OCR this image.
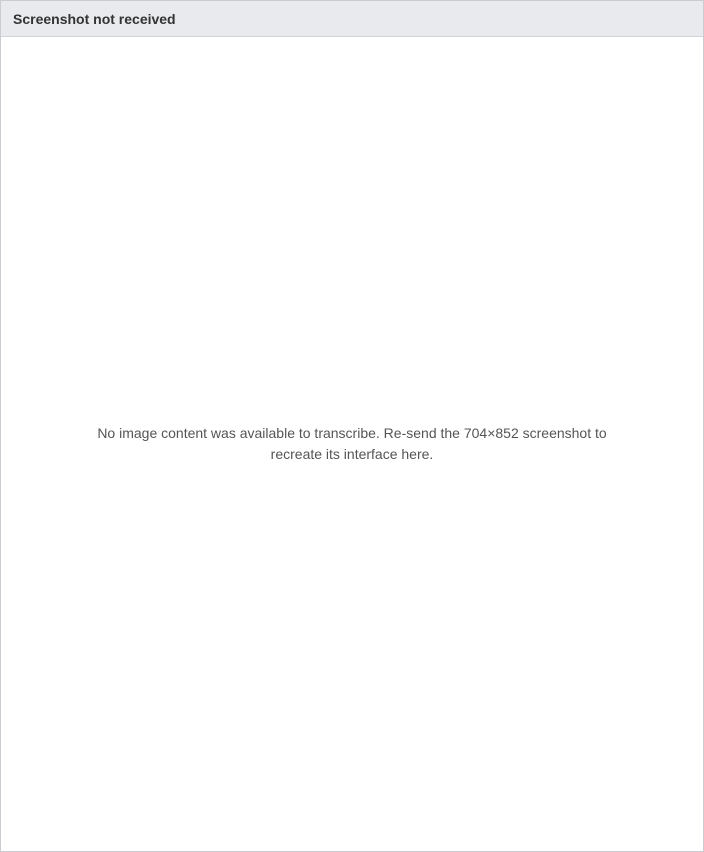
Screenshot not received

No image content was available to transcribe. Re-send the 704×852 screenshot to recreate its interface here.
